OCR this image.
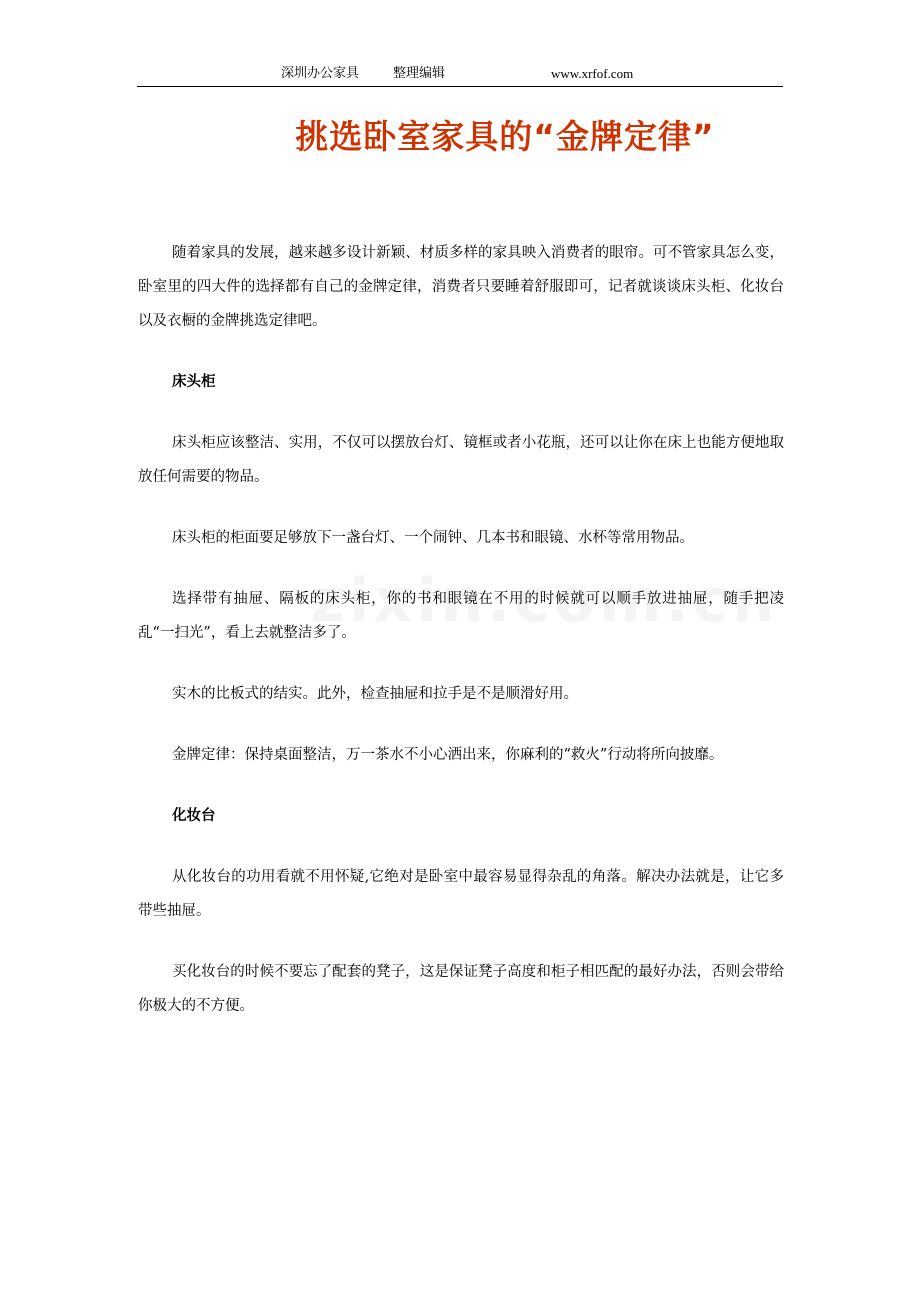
深圳办公家具	整理编辑	www.xrfof.com
挑选卧室家具的“金牌定律”

随着家具的发展，越来越多设计新颖、材质多样的家具映入消费者的眼帘。可不管家具怎么变，卧室里的四大件的选择都有自己的金牌定律，消费者只要睡着舒服即可，记者就谈谈床头柜、化妆台以及衣橱的金牌挑选定律吧。

床头柜

床头柜应该整洁、实用，不仅可以摆放台灯、镜框或者小花瓶，还可以让你在床上也能方便地取放任何需要的物品。

床头柜的柜面要足够放下一盏台灯、一个闹钟、几本书和眼镜、水杯等常用物品。

选择带有抽屉、隔板的床头柜，你的书和眼镜在不用的时候就可以顺手放进抽屉，随手把凌乱“一扫光”，看上去就整洁多了。

实木的比板式的结实。此外，检查抽屉和拉手是不是顺滑好用。

金牌定律：保持桌面整洁，万一茶水不小心洒出来，你麻利的“救火”行动将所向披靡。

化妆台

从化妆台的功用看就不用怀疑,它绝对是卧室中最容易显得杂乱的角落。解决办法就是，让它多带些抽屉。

买化妆台的时候不要忘了配套的凳子，这是保证凳子高度和柜子相匹配的最好办法，否则会带给你极大的不方便。
